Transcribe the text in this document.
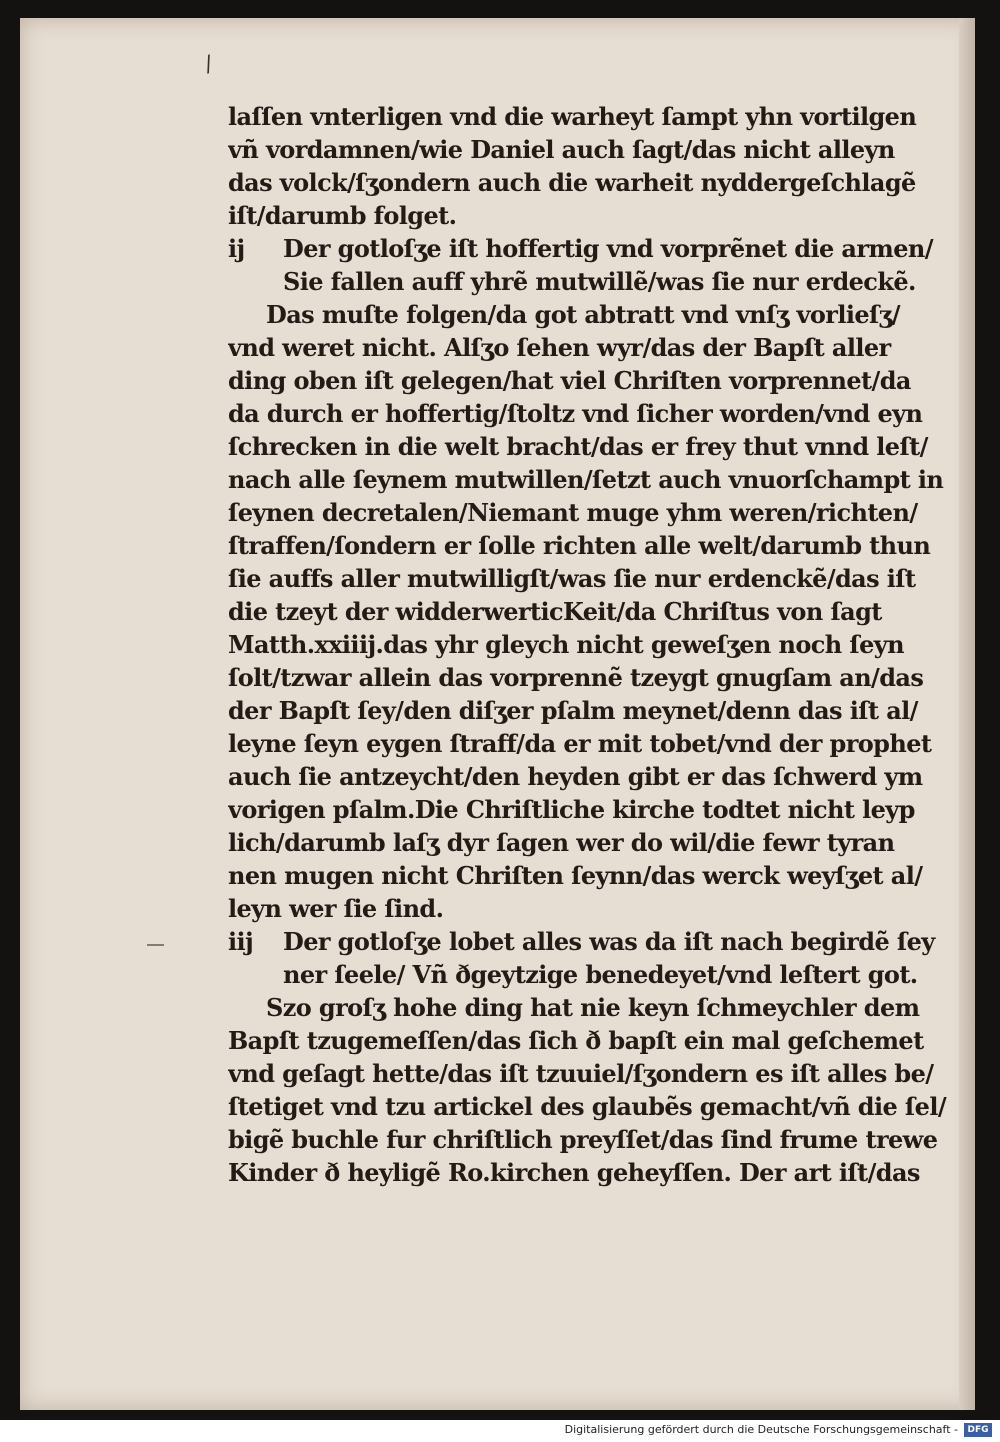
/
laſſen vnterligen vnd die warheyt ſampt yhn vortilgen
vñ vordamnen/wie Daniel auch ſagt/das nicht alleyn
das volck/ſʒondern auch die warheit nyddergeſchlagẽ
iſt/darumb folget.
ij Der gotloſʒe iſt hoffertig vnd vorprẽnet die armen/
Sie fallen auff yhrẽ mutwillẽ/was ſie nur erdeckẽ.
Das muſte folgen/da got abtratt vnd vnſʒ vorlieſʒ/
vnd weret nicht. Alſʒo ſehen wyr/das der Bapſt aller
ding oben iſt gelegen/hat viel Chriſten vorprennet/da
da durch er hoffertig/ſtoltz vnd ſicher worden/vnd eyn
ſchrecken in die welt bracht/das er frey thut vnnd leſt/
nach alle ſeynem mutwillen/ſetzt auch vnuorſchampt in
ſeynen decretalen/Niemant muge yhm weren/richten/
ſtraffen/ſondern er ſolle richten alle welt/darumb thun
ſie auffs aller mutwilligſt/was ſie nur erdenckẽ/das iſt
die tzeyt der widderwerticKeit/da Chriſtus von ſagt
Matth.xxiiij.das yhr gleych nicht geweſʒen noch ſeyn
ſolt/tzwar allein das vorprennẽ tzeygt gnugſam an/das
der Bapſt ſey/den diſʒer pſalm meynet/denn das iſt al/
leyne ſeyn eygen ſtraff/da er mit tobet/vnd der prophet
auch ſie antzeycht/den heyden gibt er das ſchwerd ym
vorigen pſalm.Die Chriſtliche kirche todtet nicht leyp
lich/darumb laſʒ dyr ſagen wer do wil/die fewr tyran
nen mugen nicht Chriſten ſeynn/das werck weyſʒet al/
leyn wer ſie ſind.
iij Der gotloſʒe lobet alles was da iſt nach begirdẽ ſey
ner ſeele/ Vñ ðgeytzige benedeyet/vnd leſtert got.
Szo groſʒ hohe ding hat nie keyn ſchmeychler dem
Bapſt tzugemeſſen/das ſich ð bapſt ein mal geſchemet
vnd geſagt hette/das iſt tzuuiel/ſʒondern es iſt alles be/
ſtetiget vnd tzu artickel des glaubẽs gemacht/vñ die ſel/
bigẽ buchle fur chriſtlich preyſſet/das ſind frume trewe
Kinder ð heyligẽ Ro.kirchen geheyſſen. Der art iſt/das
Digitalisierung gefördert durch die Deutsche Forschungsgemeinschaft -	DFG
